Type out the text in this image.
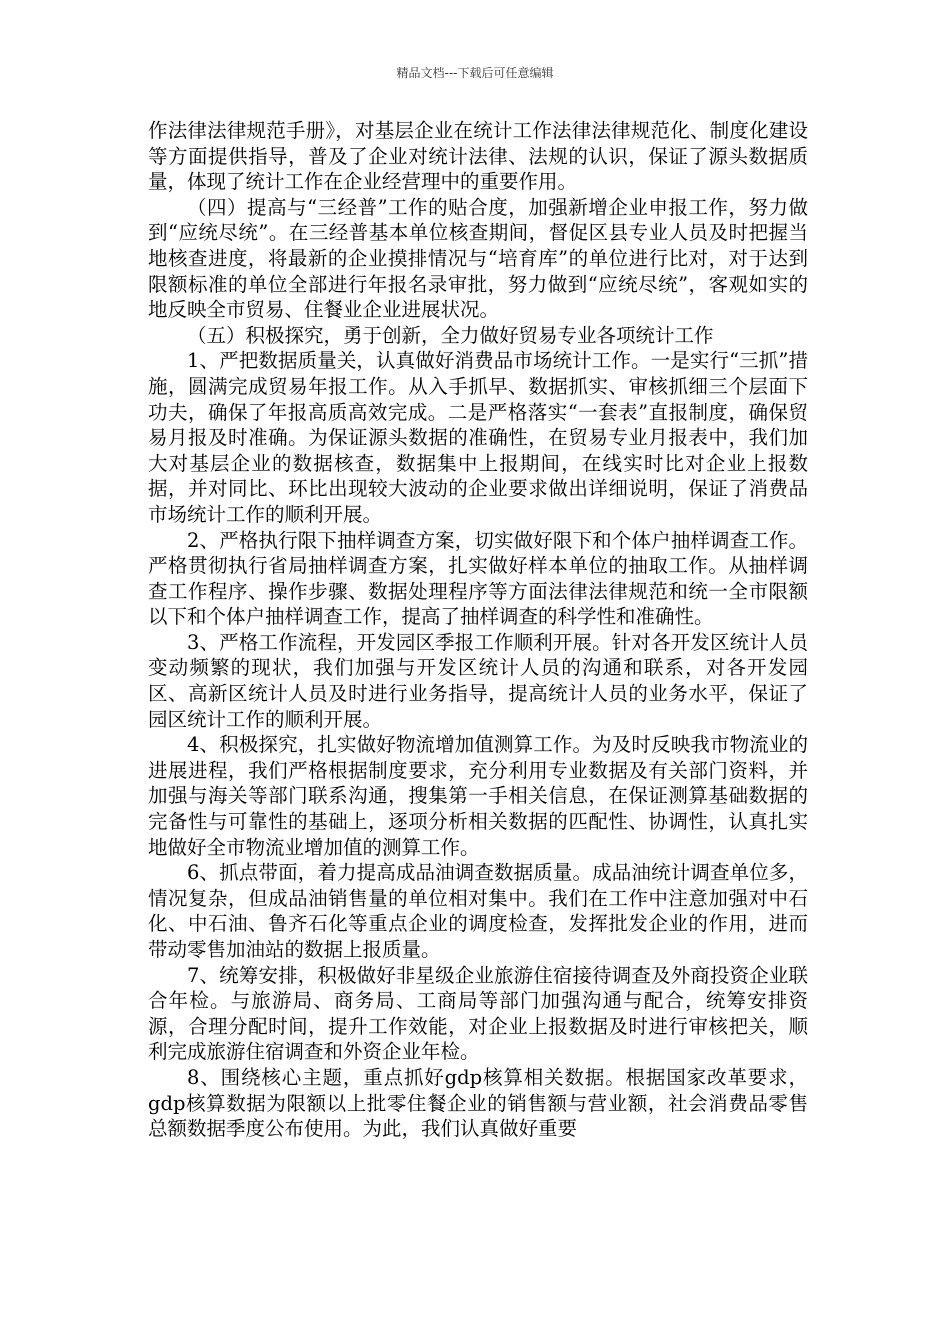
精品文档---下载后可任意编辑

作法律法律规范手册》，对基层企业在统计工作法律法律规范化、制度化建设等方面提供指导，普及了企业对统计法律、法规的认识，保证了源头数据质量，体现了统计工作在企业经营理中的重要作用。

（四）提高与“三经普”工作的贴合度，加强新增企业申报工作，努力做到“应统尽统”。在三经普基本单位核查期间，督促区县专业人员及时把握当地核查进度，将最新的企业摸排情况与“培育库”的单位进行比对，对于达到限额标准的单位全部进行年报名录审批，努力做到“应统尽统”，客观如实的地反映全市贸易、住餐业企业进展状况。

（五）积极探究，勇于创新，全力做好贸易专业各项统计工作

1、严把数据质量关，认真做好消费品市场统计工作。一是实行“三抓”措施，圆满完成贸易年报工作。从入手抓早、数据抓实、审核抓细三个层面下功夫，确保了年报高质高效完成。二是严格落实“一套表”直报制度，确保贸易月报及时准确。为保证源头数据的准确性，在贸易专业月报表中，我们加大对基层企业的数据核查，数据集中上报期间，在线实时比对企业上报数据，并对同比、环比出现较大波动的企业要求做出详细说明，保证了消费品市场统计工作的顺利开展。

2、严格执行限下抽样调查方案，切实做好限下和个体户抽样调查工作。严格贯彻执行省局抽样调查方案，扎实做好样本单位的抽取工作。从抽样调查工作程序、操作步骤、数据处理程序等方面法律法律规范和统一全市限额以下和个体户抽样调查工作，提高了抽样调查的科学性和准确性。

3、严格工作流程，开发园区季报工作顺利开展。针对各开发区统计人员变动频繁的现状，我们加强与开发区统计人员的沟通和联系，对各开发园区、高新区统计人员及时进行业务指导，提高统计人员的业务水平，保证了园区统计工作的顺利开展。

4、积极探究，扎实做好物流增加值测算工作。为及时反映我市物流业的进展进程，我们严格根据制度要求，充分利用专业数据及有关部门资料，并加强与海关等部门联系沟通，搜集第一手相关信息，在保证测算基础数据的完备性与可靠性的基础上，逐项分析相关数据的匹配性、协调性，认真扎实地做好全市物流业增加值的测算工作。

6、抓点带面，着力提高成品油调查数据质量。成品油统计调查单位多，情况复杂，但成品油销售量的单位相对集中。我们在工作中注意加强对中石化、中石油、鲁齐石化等重点企业的调度检查，发挥批发企业的作用，进而带动零售加油站的数据上报质量。

7、统筹安排，积极做好非星级企业旅游住宿接待调查及外商投资企业联合年检。与旅游局、商务局、工商局等部门加强沟通与配合，统筹安排资源，合理分配时间，提升工作效能，对企业上报数据及时进行审核把关，顺利完成旅游住宿调查和外资企业年检。

8、围绕核心主题，重点抓好gdp核算相关数据。根据国家改革要求，gdp核算数据为限额以上批零住餐企业的销售额与营业额，社会消费品零售总额数据季度公布使用。为此，我们认真做好重要
